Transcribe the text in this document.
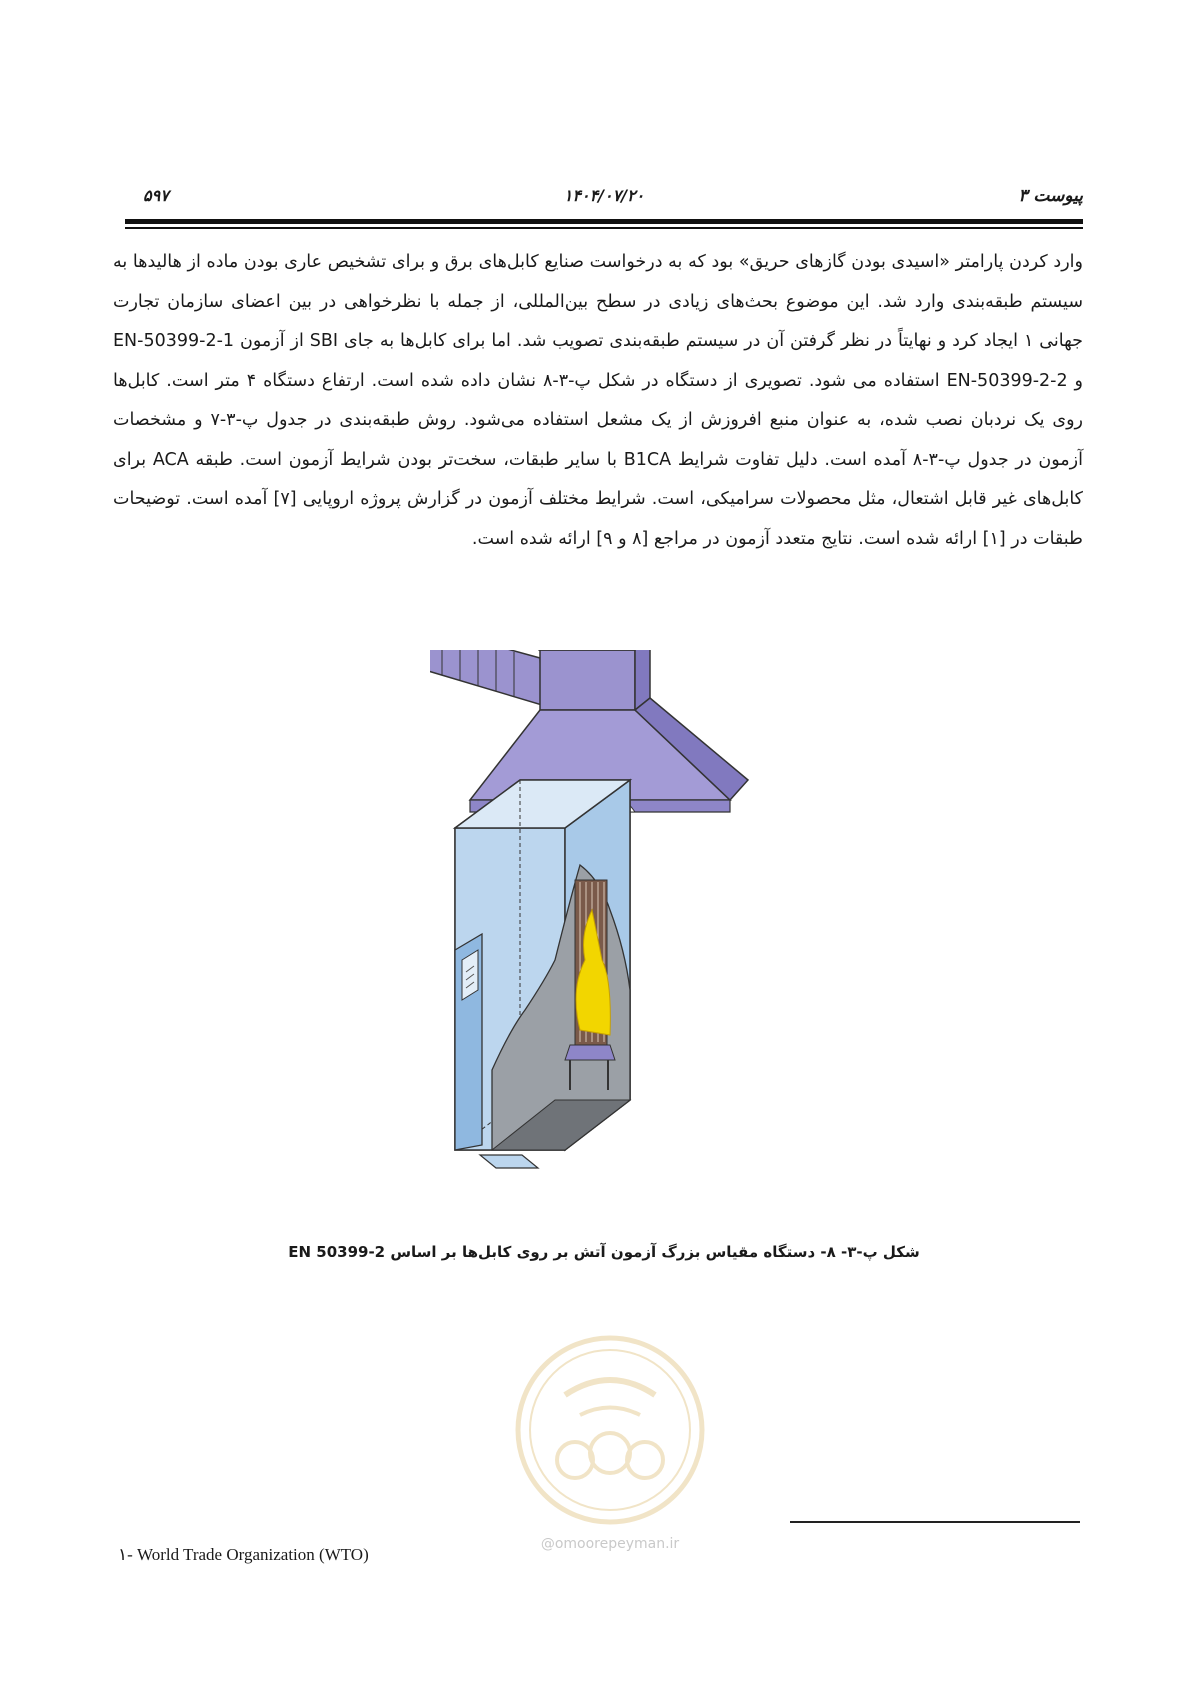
پیوست ۳
۱۴۰۴/۰۷/۲۰
۵۹۷

وارد کردن پارامتر «اسیدی بودن گازهای حریق» بود که به درخواست صنایع کابل‌های برق و برای تشخیص عاری بودن ماده از هالیدها به سیستم طبقه‌بندی وارد شد. این موضوع بحث‌های زیادی در سطح بین‌المللی، از جمله با نظرخواهی در بین اعضای سازمان تجارت جهانی ۱ ایجاد کرد و نهایتاً در نظر گرفتن آن در سیستم طبقه‌بندی تصویب شد. اما برای کابل‌ها به جای SBI از آزمون EN-50399-2-1 و EN-50399-2-2 استفاده می شود. تصویری از دستگاه در شکل پ-۳-۸ نشان داده شده است. ارتفاع دستگاه ۴ متر است. کابل‌ها روی یک نردبان نصب شده، به عنوان منبع افروزش از یک مشعل استفاده می‌شود. روش طبقه‌بندی در جدول پ-۳-۷ و مشخصات آزمون در جدول پ-۳-۸ آمده است. دلیل تفاوت شرایط B1CA با سایر طبقات، سخت‌تر بودن شرایط آزمون است. طبقه ACA برای کابل‌های غیر قابل اشتعال، مثل محصولات سرامیکی، است. شرایط مختلف آزمون در گزارش پروژه اروپایی [۷] آمده است. توضیحات طبقات در [۱] ارائه شده است. نتایج متعدد آزمون در مراجع [۸ و ۹] ارائه شده است.

شکل پ-۳- ۸- دستگاه مقیاس بزرگ آزمون آتش بر روی کابل‌ها بر اساس EN 50399-2
@omoorepeyman.ir
۱- World Trade Organization (WTO)
